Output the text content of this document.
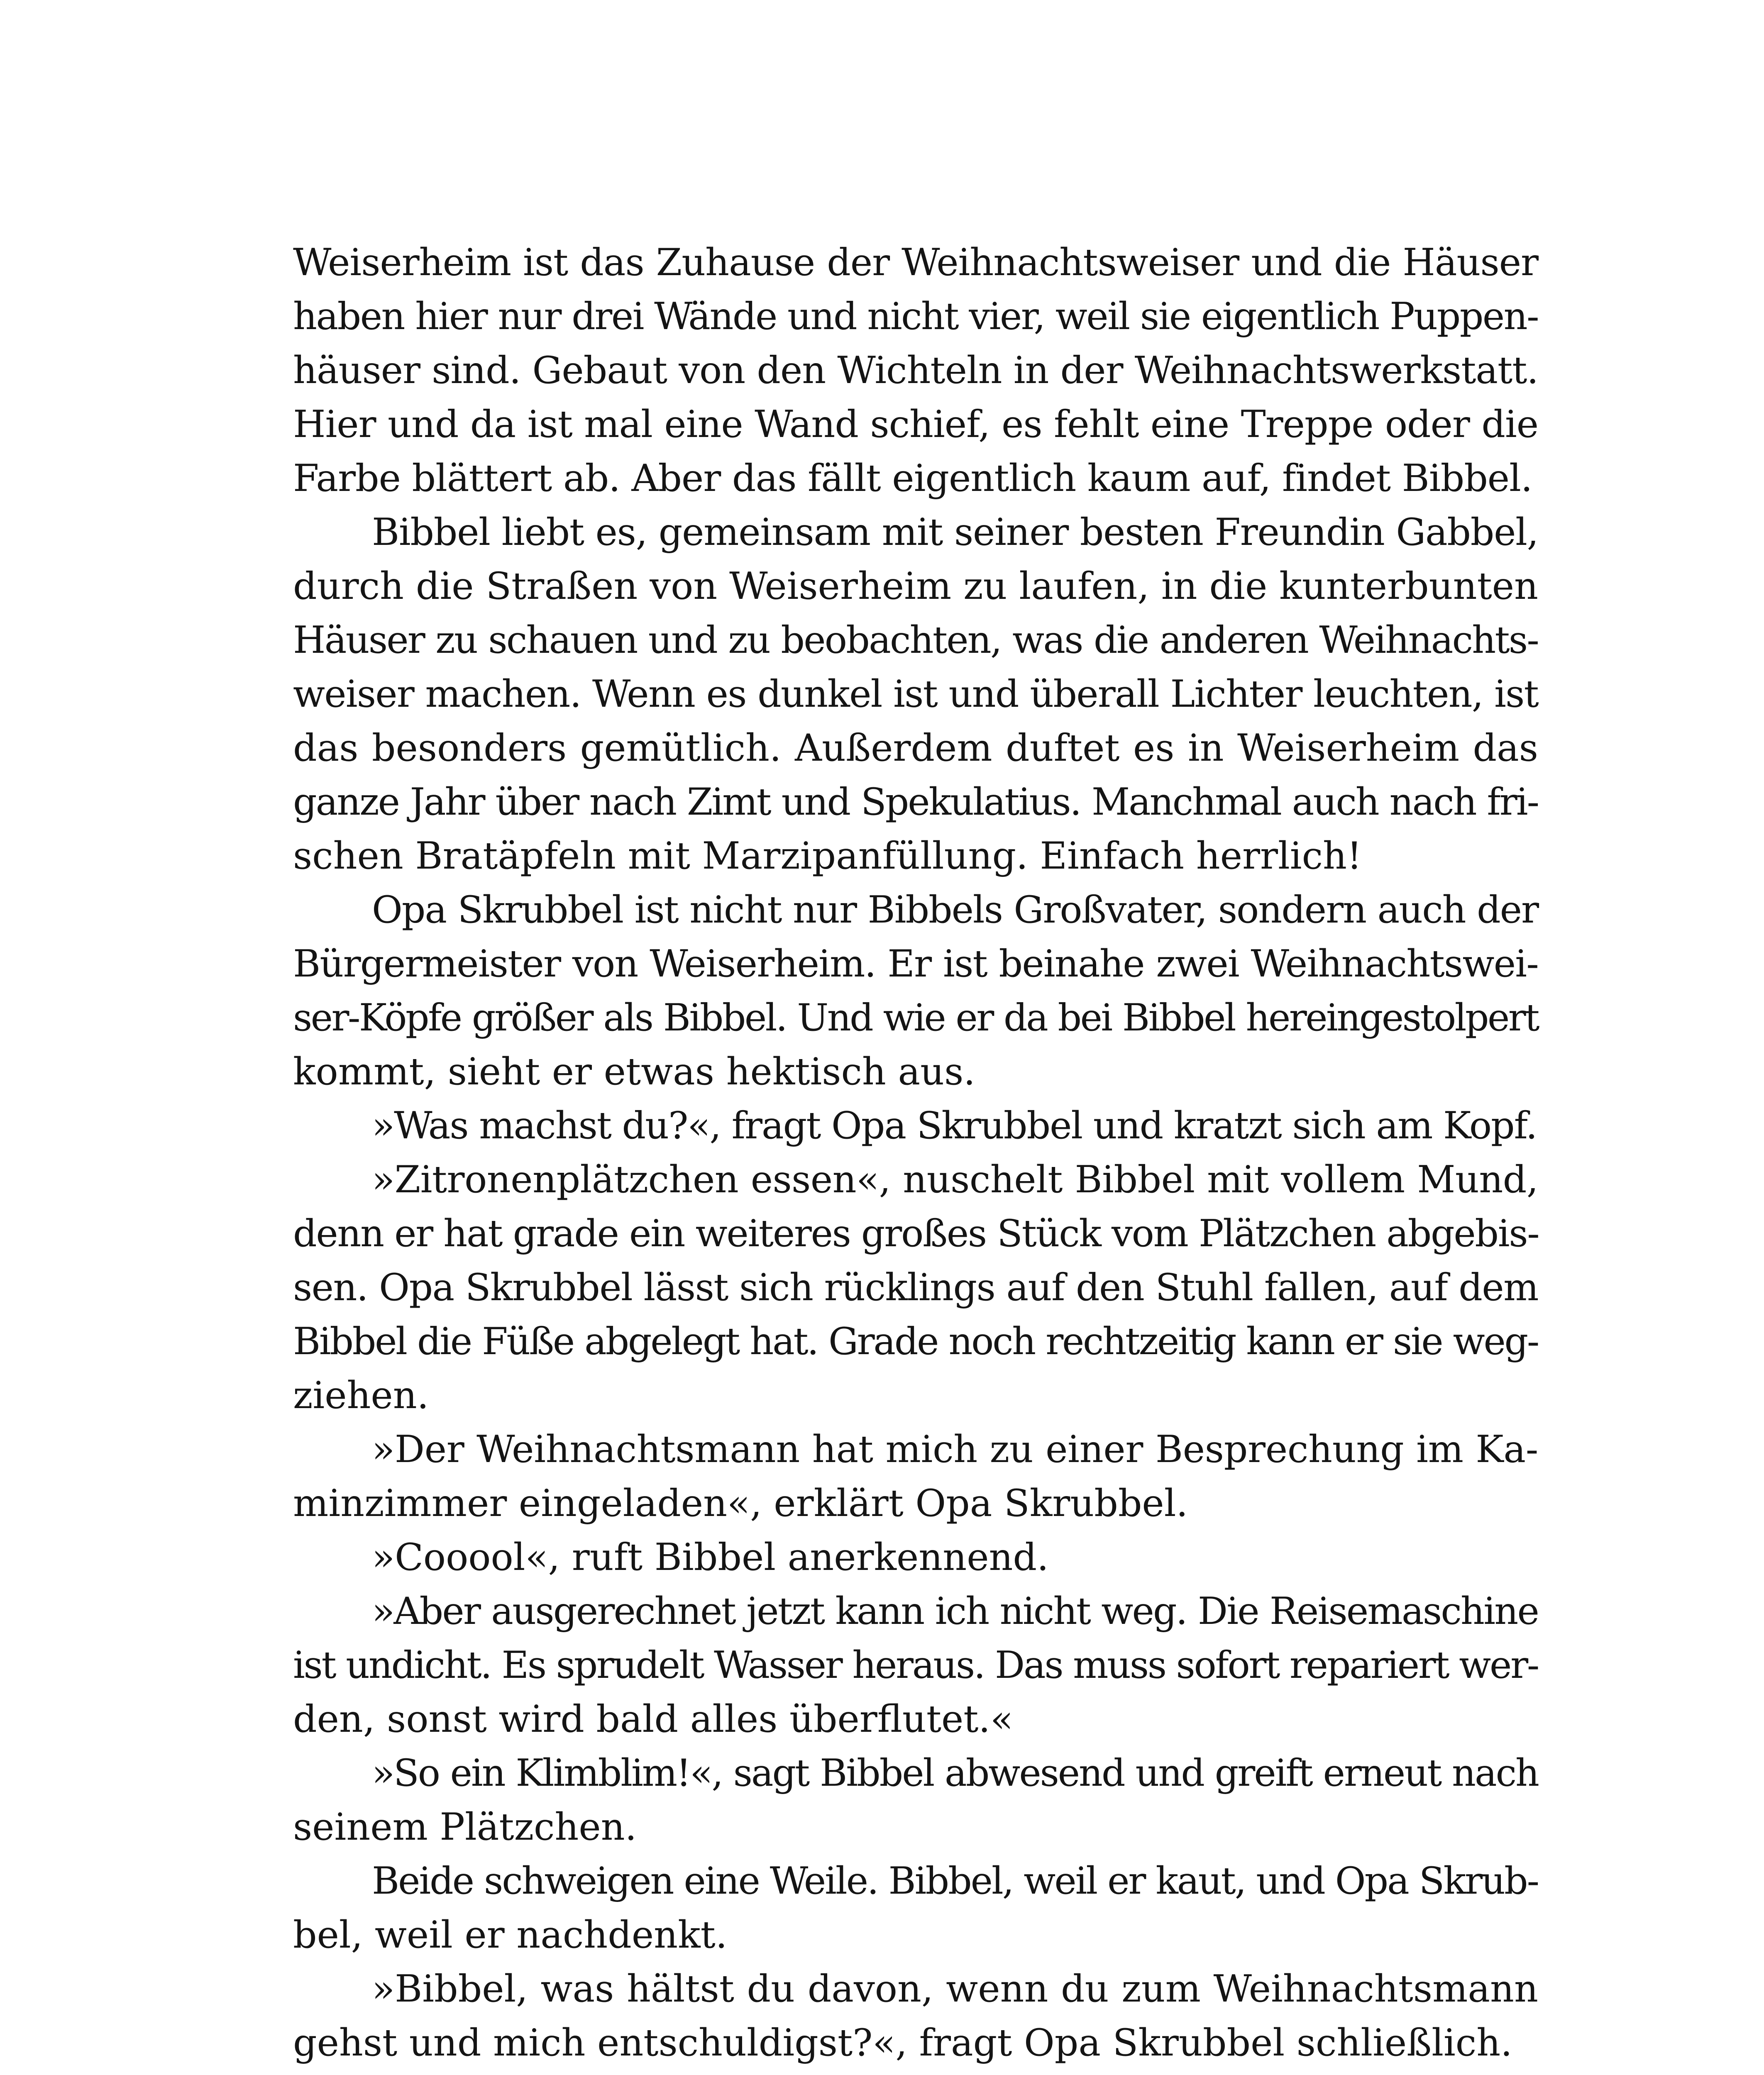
Weiserheim ist das Zuhause der Weihnachtsweiser und die Häuser
haben hier nur drei Wände und nicht vier, weil sie eigentlich Puppen-
häuser sind. Gebaut von den Wichteln in der Weihnachtswerkstatt.
Hier und da ist mal eine Wand schief, es fehlt eine Treppe oder die
Farbe blättert ab. Aber das fällt eigentlich kaum auf, findet Bibbel.
Bibbel liebt es, gemeinsam mit seiner besten Freundin Gabbel,
durch die Straßen von Weiserheim zu laufen, in die kunterbunten
Häuser zu schauen und zu beobachten, was die anderen Weihnachts-
weiser machen. Wenn es dunkel ist und überall Lichter leuchten, ist
das besonders gemütlich. Außerdem duftet es in Weiserheim das
ganze Jahr über nach Zimt und Spekulatius. Manchmal auch nach fri-
schen Bratäpfeln mit Marzipanfüllung. Einfach herrlich!
Opa Skrubbel ist nicht nur Bibbels Großvater, sondern auch der
Bürgermeister von Weiserheim. Er ist beinahe zwei Weihnachtswei-
ser-Köpfe größer als Bibbel. Und wie er da bei Bibbel hereingestolpert
kommt, sieht er etwas hektisch aus.
»Was machst du?«, fragt Opa Skrubbel und kratzt sich am Kopf.
»Zitronenplätzchen essen«, nuschelt Bibbel mit vollem Mund,
denn er hat grade ein weiteres großes Stück vom Plätzchen abgebis-
sen. Opa Skrubbel lässt sich rücklings auf den Stuhl fallen, auf dem
Bibbel die Füße abgelegt hat. Grade noch rechtzeitig kann er sie weg-
ziehen.
»Der Weihnachtsmann hat mich zu einer Besprechung im Ka-
minzimmer eingeladen«, erklärt Opa Skrubbel.
»Cooool«, ruft Bibbel anerkennend.
»Aber ausgerechnet jetzt kann ich nicht weg. Die Reisemaschine
ist undicht. Es sprudelt Wasser heraus. Das muss sofort repariert wer-
den, sonst wird bald alles überflutet.«
»So ein Klimblim!«, sagt Bibbel abwesend und greift erneut nach
seinem Plätzchen.
Beide schweigen eine Weile. Bibbel, weil er kaut, und Opa Skrub-
bel, weil er nachdenkt.
»Bibbel, was hältst du davon, wenn du zum Weihnachtsmann
gehst und mich entschuldigst?«, fragt Opa Skrubbel schließlich.
